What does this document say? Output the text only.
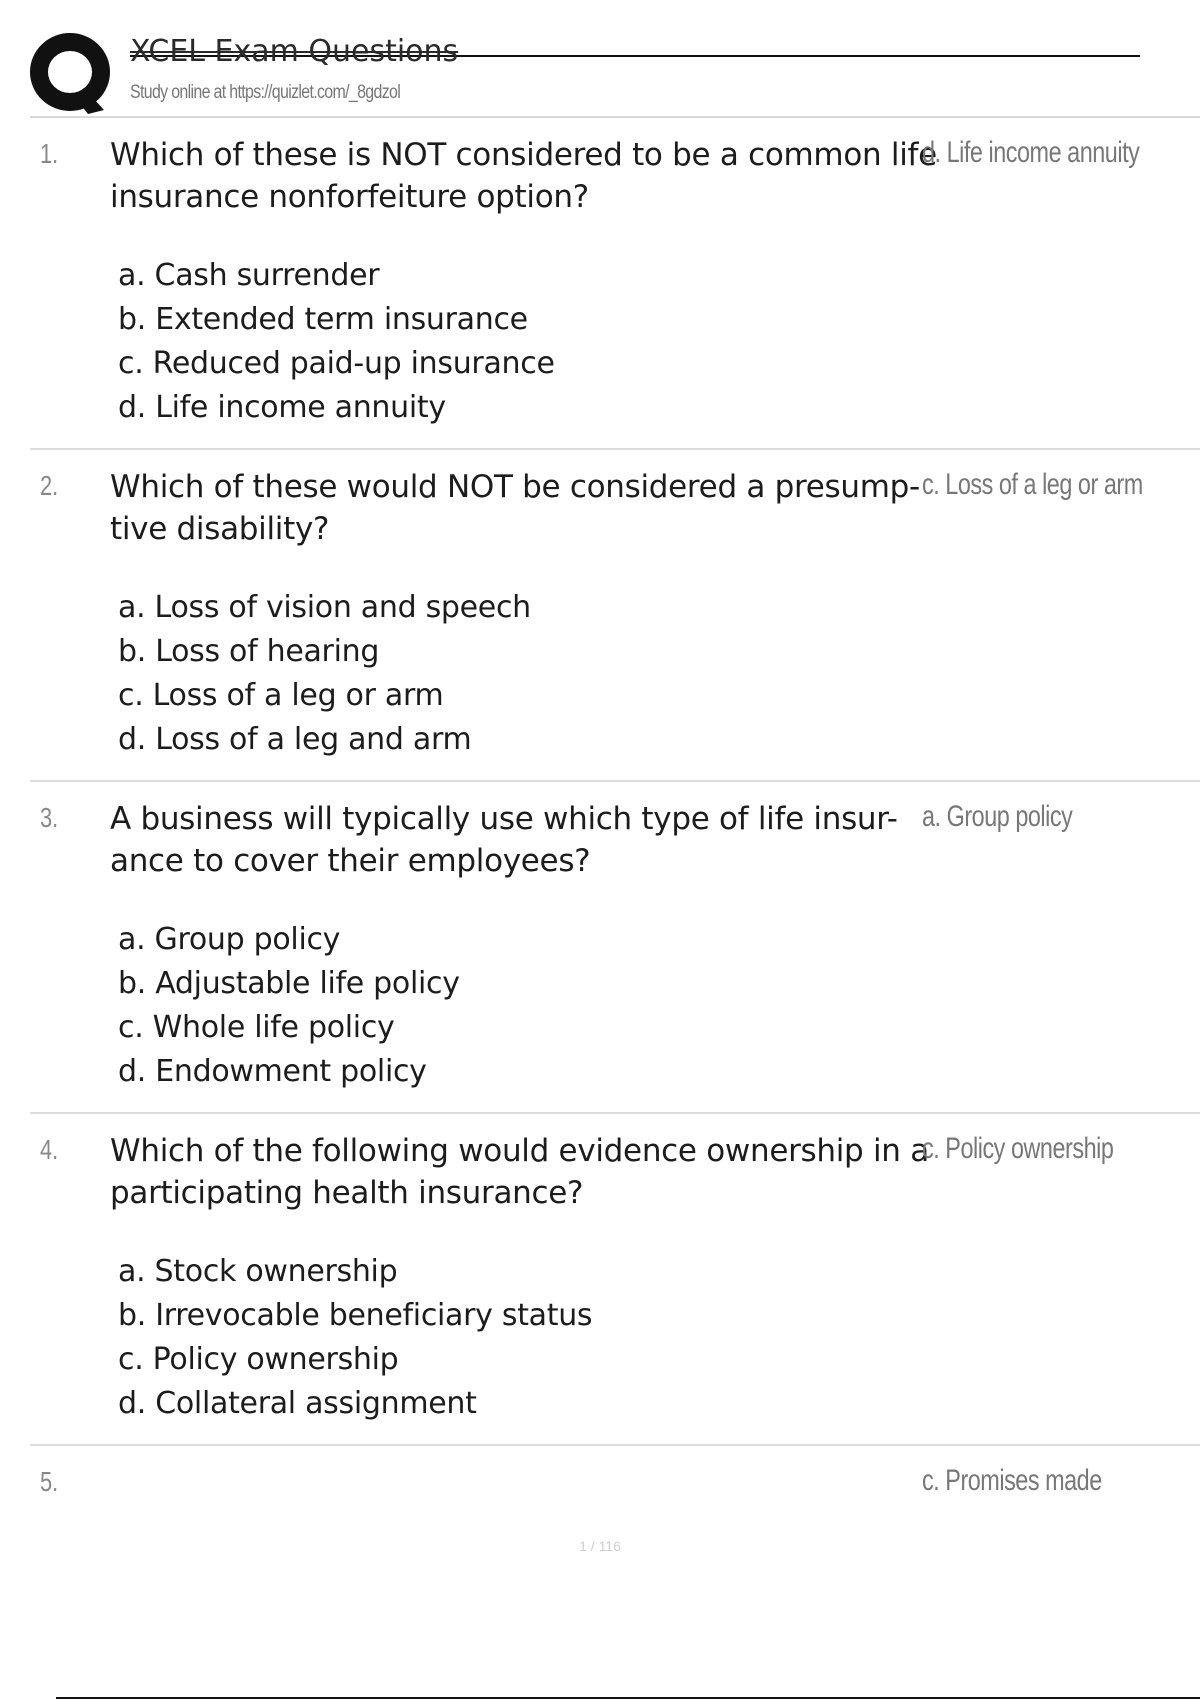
XCEL Exam Questions
Study online at https://quizlet.com/_8gdzol
1. Which of these is NOT considered to be a common life insurance nonforfeiture option?
a. Cash surrender
b. Extended term insurance
c. Reduced paid-up insurance
d. Life income annuity
d. Life income annuity
2. Which of these would NOT be considered a presump- tive disability?
a. Loss of vision and speech
b. Loss of hearing
c. Loss of a leg or arm
d. Loss of a leg and arm
c. Loss of a leg or arm
3. A business will typically use which type of life insur- ance to cover their employees?
a. Group policy
b. Adjustable life policy
c. Whole life policy
d. Endowment policy
a. Group policy
4. Which of the following would evidence ownership in a participating health insurance?
a. Stock ownership
b. Irrevocable beneficiary status
c. Policy ownership
d. Collateral assignment
c. Policy ownership
5.	c. Promises made
1 / 116
